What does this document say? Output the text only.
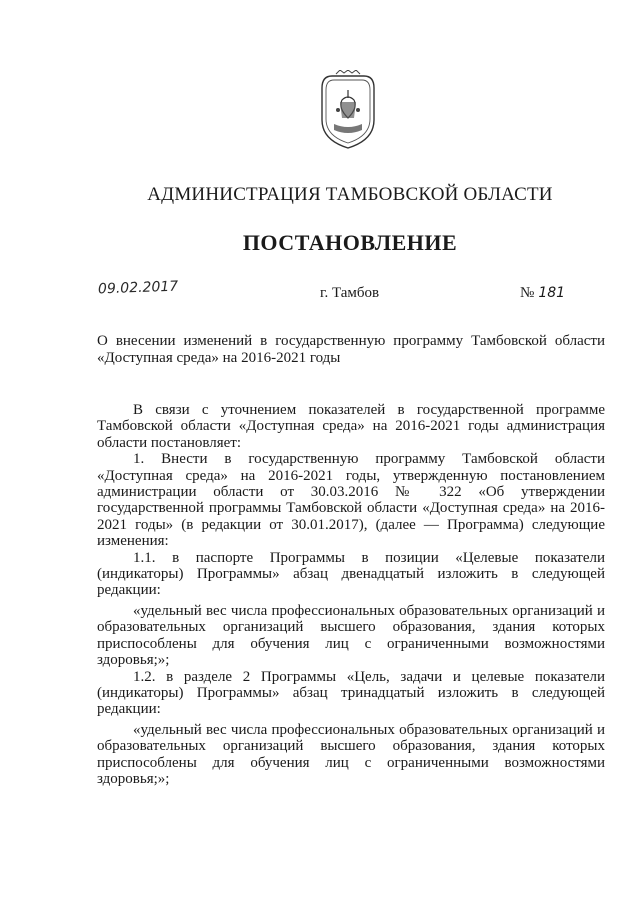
АДМИНИСТРАЦИЯ ТАМБОВСКОЙ ОБЛАСТИ
ПОСТАНОВЛЕНИЕ
09.02.2017	г. Тамбов	№ 181
О внесении изменений в государственную программу Тамбовской области «Доступная среда» на 2016-2021 годы

В связи с уточнением показателей в государственной программе Тамбовской области «Доступная среда» на 2016-2021 годы администрация области постановляет:

1. Внести в государственную программу Тамбовской области «Доступная среда» на 2016-2021 годы, утвержденную постановлением администрации области от 30.03.2016 № 322 «Об утверждении государственной программы Тамбовской области «Доступная среда» на 2016-2021 годы» (в редакции от 30.01.2017), (далее — Программа) следующие изменения:

1.1. в паспорте Программы в позиции «Целевые показатели (индикаторы) Программы» абзац двенадцатый изложить в следующей редакции:

«удельный вес числа профессиональных образовательных организаций и образовательных организаций высшего образования, здания которых приспособлены для обучения лиц с ограниченными возможностями здоровья;»;

1.2. в разделе 2 Программы «Цель, задачи и целевые показатели (индикаторы) Программы» абзац тринадцатый изложить в следующей редакции:

«удельный вес числа профессиональных образовательных организаций и образовательных организаций высшего образования, здания которых приспособлены для обучения лиц с ограниченными возможностями здоровья;»;
